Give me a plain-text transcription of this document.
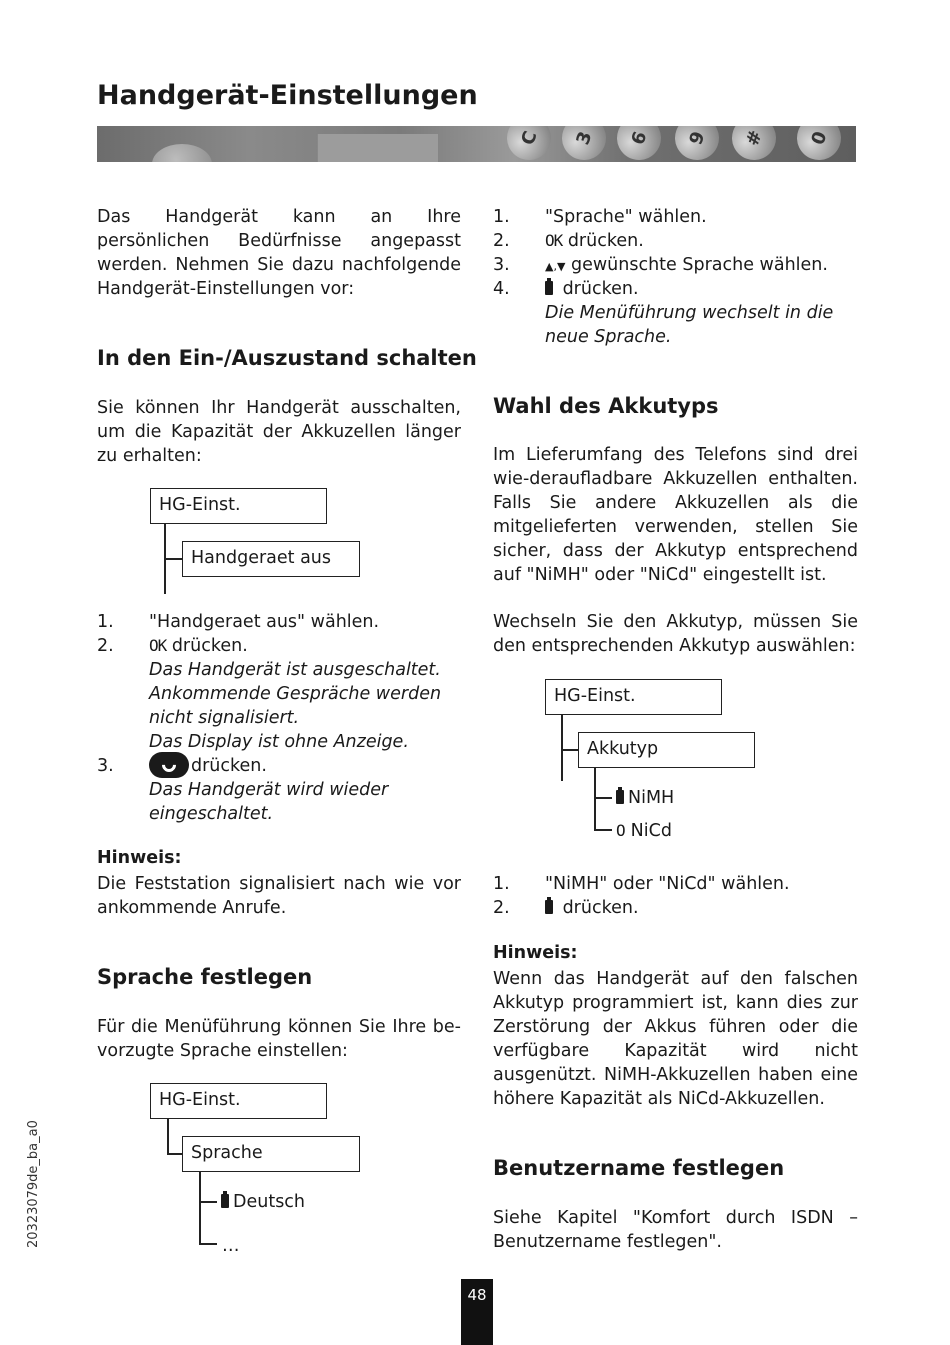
Handgerät-Einstellungen
C	3	6	9	#	0

Das Handgerät kann an Ihre persönlichen Bedürfnisse angepasst werden. Nehmen Sie dazu nachfolgende Handgerät-Einstellungen vor:

In den Ein-/Auszustand schalten

Sie können Ihr Handgerät ausschalten, um die Kapazität der Akkuzellen länger zu erhalten:

HG-Einst.
Handgeraet aus
1. "Handgeraet aus" wählen.
2. OK drücken.
Das Handgerät ist ausgeschaltet.
Ankommende Gespräche werden
nicht signalisiert.
Das Display ist ohne Anzeige.
3.	drücken.
Das Handgerät wird wieder
eingeschaltet.
Hinweis:

Die Feststation signalisiert nach wie vor ankommende Anrufe.

Sprache festlegen

Für die Menüführung können Sie Ihre be-vorzugte Sprache einstellen:

HG-Einst.
Sprache
Deutsch
…
1. "Sprache" wählen.
2. OK drücken.
3.	▲,▼ gewünschte Sprache wählen.
4.	drücken.
Die Menüführung wechselt in die
neue Sprache.
Wahl des Akkutyps

Im Lieferumfang des Telefons sind drei wie-deraufladbare Akkuzellen enthalten. Falls Sie andere Akkuzellen als die mitgelieferten verwenden, stellen Sie sicher, dass der Akkutyp entsprechend auf "NiMH" oder "NiCd" eingestellt ist.

Wechseln Sie den Akkutyp, müssen Sie den entsprechenden Akkutyp auswählen:

HG-Einst.
Akkutyp
NiMH
O NiCd
1. "NiMH" oder "NiCd" wählen.
2.	drücken.
Hinweis:

Wenn das Handgerät auf den falschen Akkutyp programmiert ist, kann dies zur Zerstörung der Akkus führen oder die verfügbare Kapazität wird nicht ausgenützt. NiMH-Akkuzellen haben eine höhere Kapazität als NiCd-Akkuzellen.

Benutzername festlegen

Siehe Kapitel "Komfort durch ISDN – Benutzername festlegen".

20323079de_ba_a0
48
